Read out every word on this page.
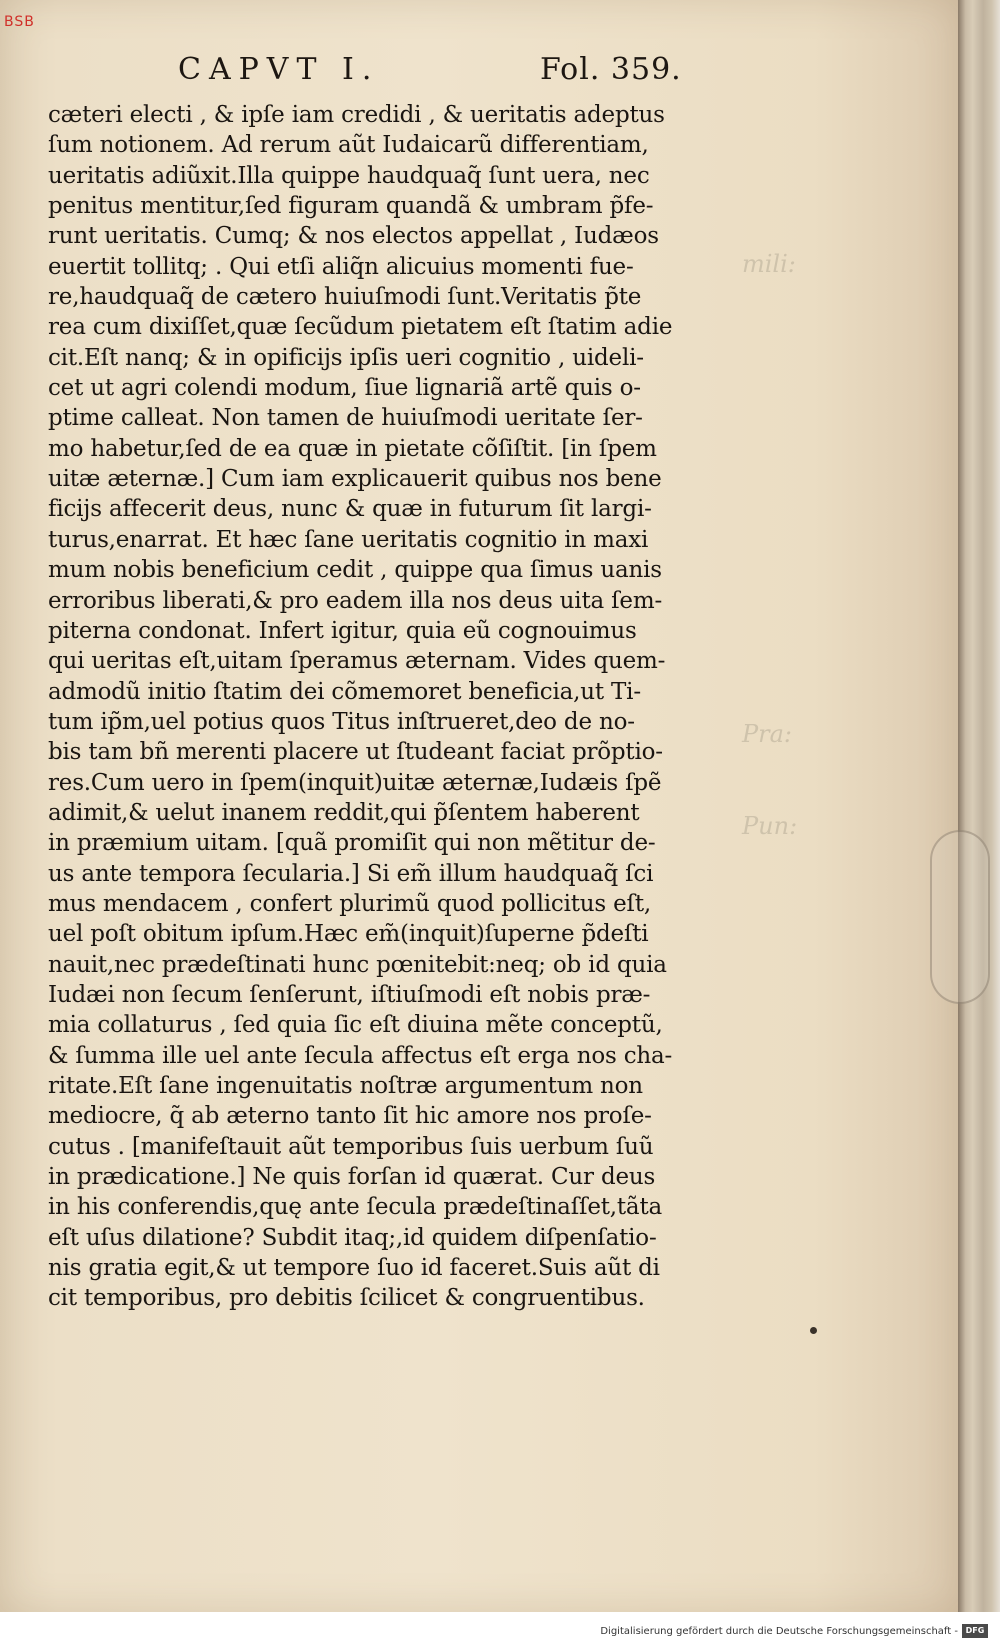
BSB
mili:
Pra:
Pun:
CAPVT I.	Fol. 359.
cæteri electi , & ipſe iam credidi , & ueritatis adeptus
ſum notionem. Ad rerum aũt Iudaicarũ differentiam,
ueritatis adiũxit.Illa quippe haudquaq̃ ſunt uera, nec
penitus mentitur,ſed figuram quandã & umbram p̃fe-
runt ueritatis. Cumq; & nos electos appellat , Iudæos
euertit tollitq; . Qui etſi aliq̃n alicuius momenti fue-
re,haudquaq̃ de cætero huiuſmodi ſunt.Veritatis p̃te
rea cum dixiſſet,quæ ſecũdum pietatem eſt ſtatim adie
cit.Eſt nanq; & in opificijs ipſis ueri cognitio , uideli-
cet ut agri colendi modum, ſiue lignariã artẽ quis o-
ptime calleat. Non tamen de huiuſmodi ueritate ſer-
mo habetur,ſed de ea quæ in pietate cõſiſtit. [in ſpem
uitæ æternæ.] Cum iam explicauerit quibus nos bene
ficijs affecerit deus, nunc & quæ in futurum ſit largi-
turus,enarrat. Et hæc ſane ueritatis cognitio in maxi
mum nobis beneficium cedit , quippe qua ſimus uanis
erroribus liberati,& pro eadem illa nos deus uita ſem-
piterna condonat. Infert igitur, quia eũ cognouimus
qui ueritas eſt,uitam ſperamus æternam. Vides quem-
admodũ initio ſtatim dei cõmemoret beneficia,ut Ti-
tum ip̃m,uel potius quos Titus inſtrueret,deo de no-
bis tam bñ merenti placere ut ſtudeant faciat prõptio-
res.Cum uero in ſpem(inquit)uitæ æternæ,Iudæis ſpẽ
adimit,& uelut inanem reddit,qui p̃ſentem haberent
in præmium uitam. [quã promiſit qui non mẽtitur de-
us ante tempora ſecularia.] Si em̃ illum haudquaq̃ ſci
mus mendacem , confert plurimũ quod pollicitus eſt,
uel poſt obitum ipſum.Hæc em̃(inquit)ſuperne p̃deſti
nauit,nec prædeſtinati hunc pœnitebit:neq; ob id quia
Iudæi non ſecum ſenſerunt, iſtiuſmodi eſt nobis præ-
mia collaturus , ſed quia ſic eſt diuina mẽte conceptũ,
& ſumma ille uel ante ſecula affectus eſt erga nos cha-
ritate.Eſt ſane ingenuitatis noſtræ argumentum non
mediocre, q̃ ab æterno tanto ſit hic amore nos proſe-
cutus . [manifeſtauit aũt temporibus ſuis uerbum ſuũ
in prædicatione.] Ne quis forſan id quærat. Cur deus
in his conferendis,quę ante ſecula prædeſtinaſſet,tãta
eſt uſus dilatione? Subdit itaq;,id quidem diſpenſatio-
nis gratia egit,& ut tempore ſuo id faceret.Suis aũt di
cit temporibus, pro debitis ſcilicet & congruentibus.
Digitalisierung gefördert durch die Deutsche Forschungsgemeinschaft - DFG
